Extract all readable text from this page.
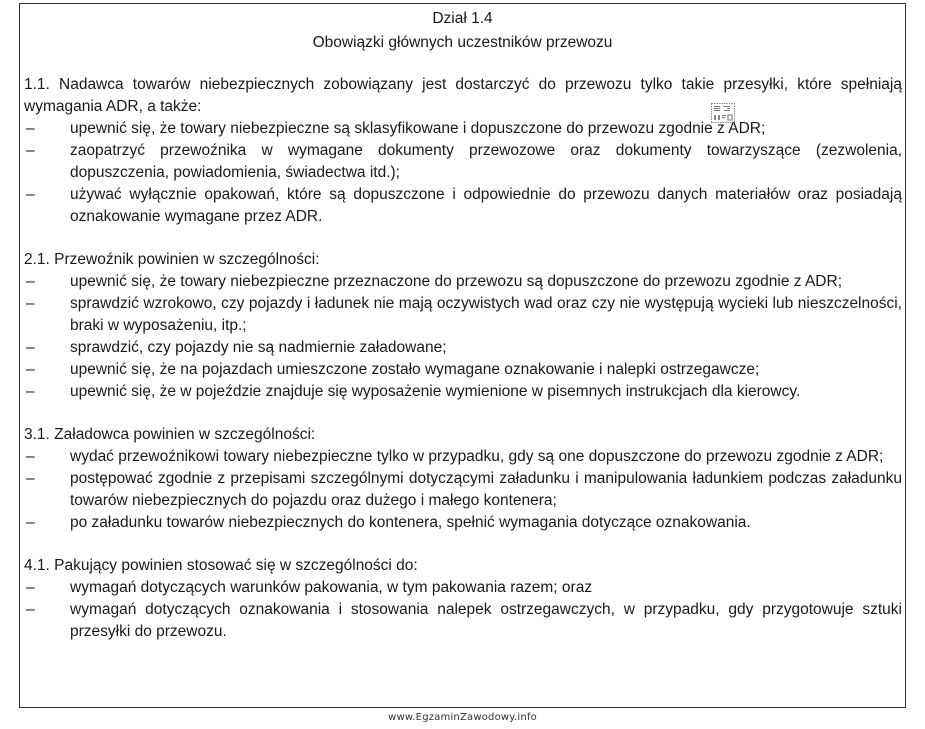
Dział 1.4
Obowiązki głównych uczestników przewozu

1.1. Nadawca towarów niebezpiecznych zobowiązany jest dostarczyć do przewozu tylko takie przesyłki, które spełniają wymagania ADR, a także:

–	upewnić się, że towary niebezpieczne są sklasyfikowane i dopuszczone do przewozu zgodnie z ADR;
–	zaopatrzyć przewoźnika w wymagane dokumenty przewozowe oraz dokumenty towarzyszące (zezwolenia, dopuszczenia, powiadomienia, świadectwa itd.);
–	używać wyłącznie opakowań, które są dopuszczone i odpowiednie do przewozu danych materiałów oraz posiadają oznakowanie wymagane przez ADR.

2.1. Przewoźnik powinien w szczególności:

–	upewnić się, że towary niebezpieczne przeznaczone do przewozu są dopuszczone do przewozu zgodnie z ADR;
–	sprawdzić wzrokowo, czy pojazdy i ładunek nie mają oczywistych wad oraz czy nie występują wycieki lub nieszczelności, braki w wyposażeniu, itp.;
–	sprawdzić, czy pojazdy nie są nadmiernie załadowane;
–	upewnić się, że na pojazdach umieszczone zostało wymagane oznakowanie i nalepki ostrzegawcze;
–	upewnić się, że w pojeździe znajduje się wyposażenie wymienione w pisemnych instrukcjach dla kierowcy.

3.1. Załadowca powinien w szczególności:

–	wydać przewoźnikowi towary niebezpieczne tylko w przypadku, gdy są one dopuszczone do przewozu zgodnie z ADR;
–	postępować zgodnie z przepisami szczególnymi dotyczącymi załadunku i manipulowania ładunkiem podczas załadunku towarów niebezpiecznych do pojazdu oraz dużego i małego kontenera;
–	po załadunku towarów niebezpiecznych do kontenera, spełnić wymagania dotyczące oznakowania.

4.1. Pakujący powinien stosować się w szczególności do:

–	wymagań dotyczących warunków pakowania, w tym pakowania razem; oraz
–	wymagań dotyczących oznakowania i stosowania nalepek ostrzegawczych, w przypadku, gdy przygotowuje sztuki przesyłki do przewozu.
www.EgzaminZawodowy.info
